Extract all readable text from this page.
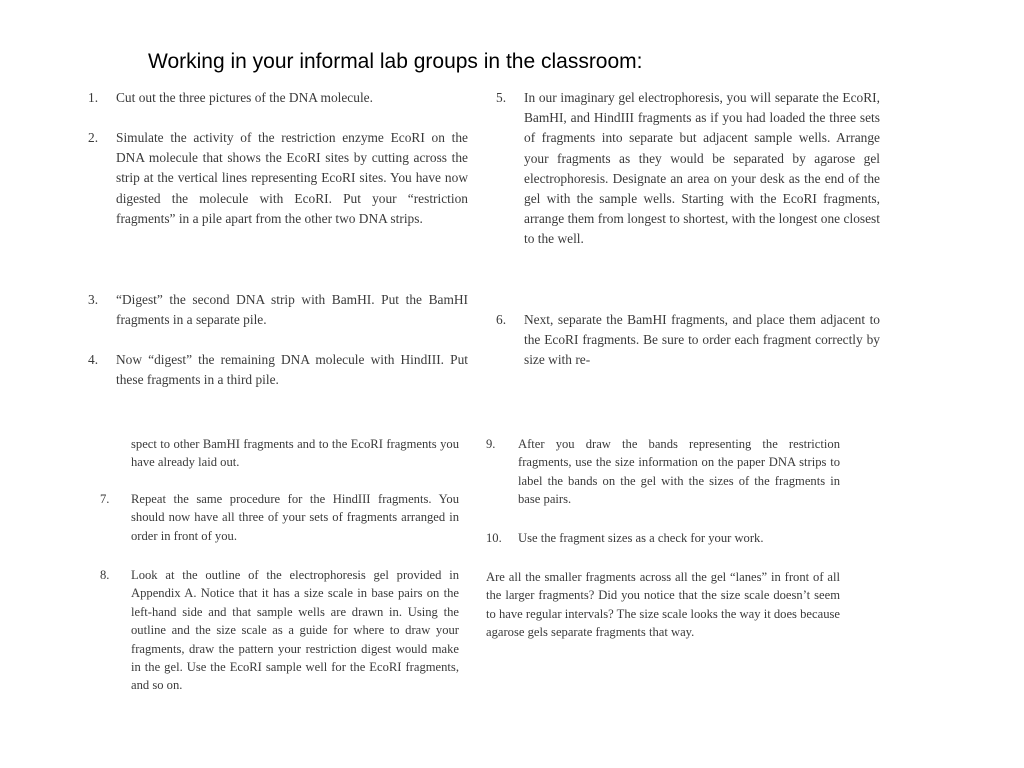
Working in your informal lab groups in the classroom:
1.	Cut out the three pictures of the DNA molecule.
2.	Simulate the activity of the restriction enzyme EcoRI on the DNA molecule that shows the EcoRI sites by cutting across the strip at the vertical lines representing EcoRI sites. You have now digested the molecule with EcoRI. Put your “restriction fragments” in a pile apart from the other two DNA strips.
3.	“Digest” the second DNA strip with BamHI. Put the BamHI fragments in a separate pile.
4.	Now “digest” the remaining DNA molecule with HindIII. Put these fragments in a third pile.
5.	In our imaginary gel electrophoresis, you will separate the EcoRI, BamHI, and HindIII fragments as if you had loaded the three sets of fragments into separate but adjacent sample wells. Arrange your fragments as they would be separated by agarose gel electrophoresis. Designate an area on your desk as the end of the gel with the sample wells. Starting with the EcoRI fragments, arrange them from longest to shortest, with the longest one closest to the well.
6.	Next, separate the BamHI fragments, and place them adjacent to the EcoRI fragments. Be sure to order each fragment correctly by size with re-
spect to other BamHI fragments and to the EcoRI fragments you have already laid out.
7.	Repeat the same procedure for the HindIII fragments. You should now have all three of your sets of fragments arranged in order in front of you.
8.	Look at the outline of the electrophoresis gel provided in Appendix A. Notice that it has a size scale in base pairs on the left-hand side and that sample wells are drawn in. Using the outline and the size scale as a guide for where to draw your fragments, draw the pattern your restriction digest would make in the gel. Use the EcoRI sample well for the EcoRI fragments, and so on.
9.	After you draw the bands representing the restriction fragments, use the size information on the paper DNA strips to label the bands on the gel with the sizes of the fragments in base pairs.
10.	Use the fragment sizes as a check for your work.
Are all the smaller fragments across all the gel “lanes” in front of all the larger fragments? Did you notice that the size scale doesn’t seem to have regular intervals? The size scale looks the way it does because agarose gels separate fragments that way.
